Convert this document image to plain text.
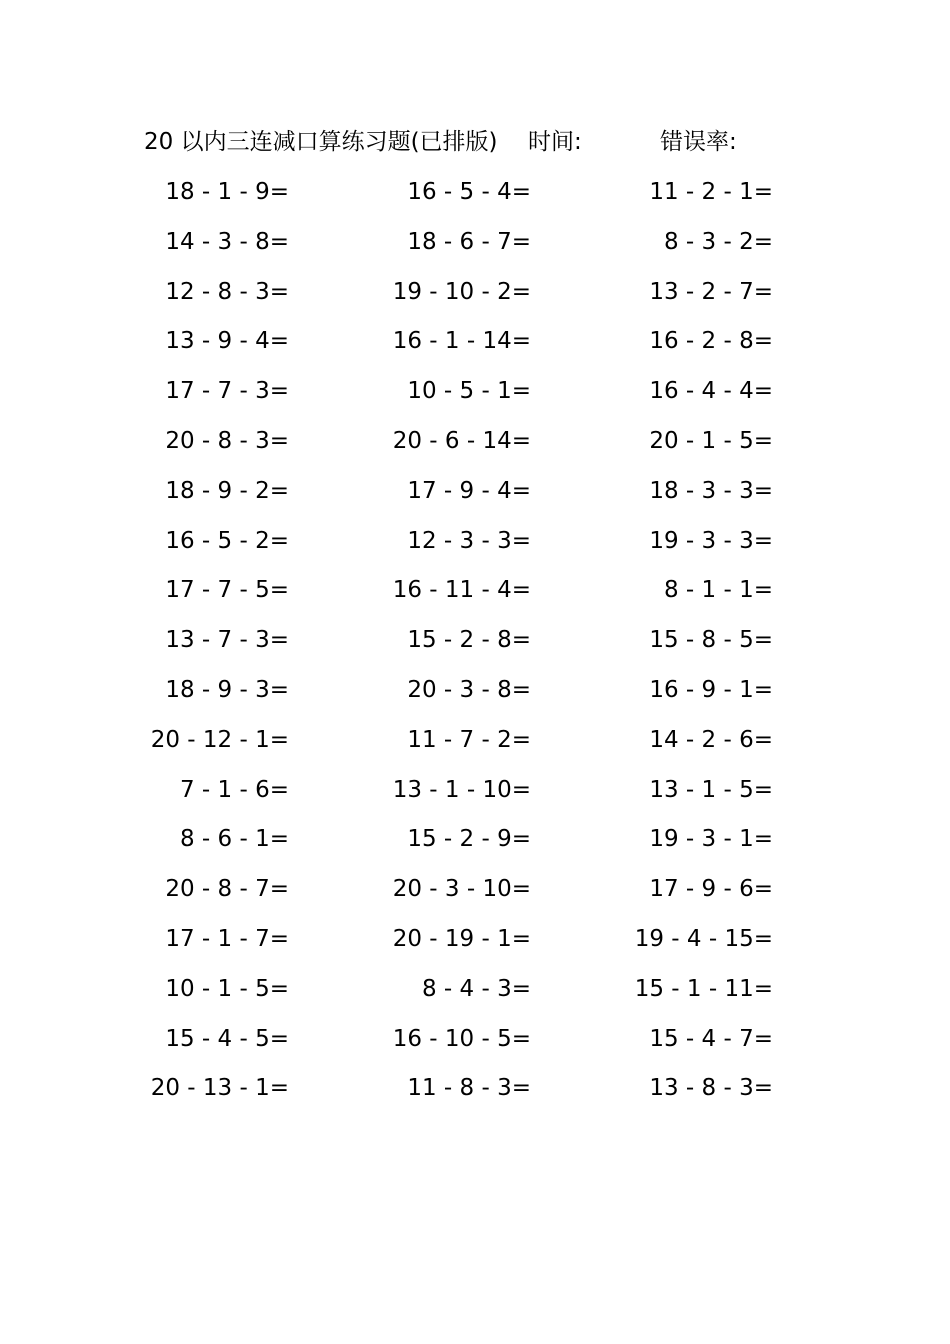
20 以内三连减口算练习题(已排版) 时间:	错误率:
18 - 1 - 9=	16 - 5 - 4=	11 - 2 - 1=
14 - 3 - 8=	18 - 6 - 7=	8 - 3 - 2=
12 - 8 - 3=	19 - 10 - 2=	13 - 2 - 7=
13 - 9 - 4=	16 - 1 - 14=	16 - 2 - 8=
17 - 7 - 3=	10 - 5 - 1=	16 - 4 - 4=
20 - 8 - 3=	20 - 6 - 14=	20 - 1 - 5=
18 - 9 - 2=	17 - 9 - 4=	18 - 3 - 3=
16 - 5 - 2=	12 - 3 - 3=	19 - 3 - 3=
17 - 7 - 5=	16 - 11 - 4=	8 - 1 - 1=
13 - 7 - 3=	15 - 2 - 8=	15 - 8 - 5=
18 - 9 - 3=	20 - 3 - 8=	16 - 9 - 1=
20 - 12 - 1=	11 - 7 - 2=	14 - 2 - 6=
7 - 1 - 6=	13 - 1 - 10=	13 - 1 - 5=
8 - 6 - 1=	15 - 2 - 9=	19 - 3 - 1=
20 - 8 - 7=	20 - 3 - 10=	17 - 9 - 6=
17 - 1 - 7=	20 - 19 - 1=	19 - 4 - 15=
10 - 1 - 5=	8 - 4 - 3=	15 - 1 - 11=
15 - 4 - 5=	16 - 10 - 5=	15 - 4 - 7=
20 - 13 - 1=	11 - 8 - 3=	13 - 8 - 3=
